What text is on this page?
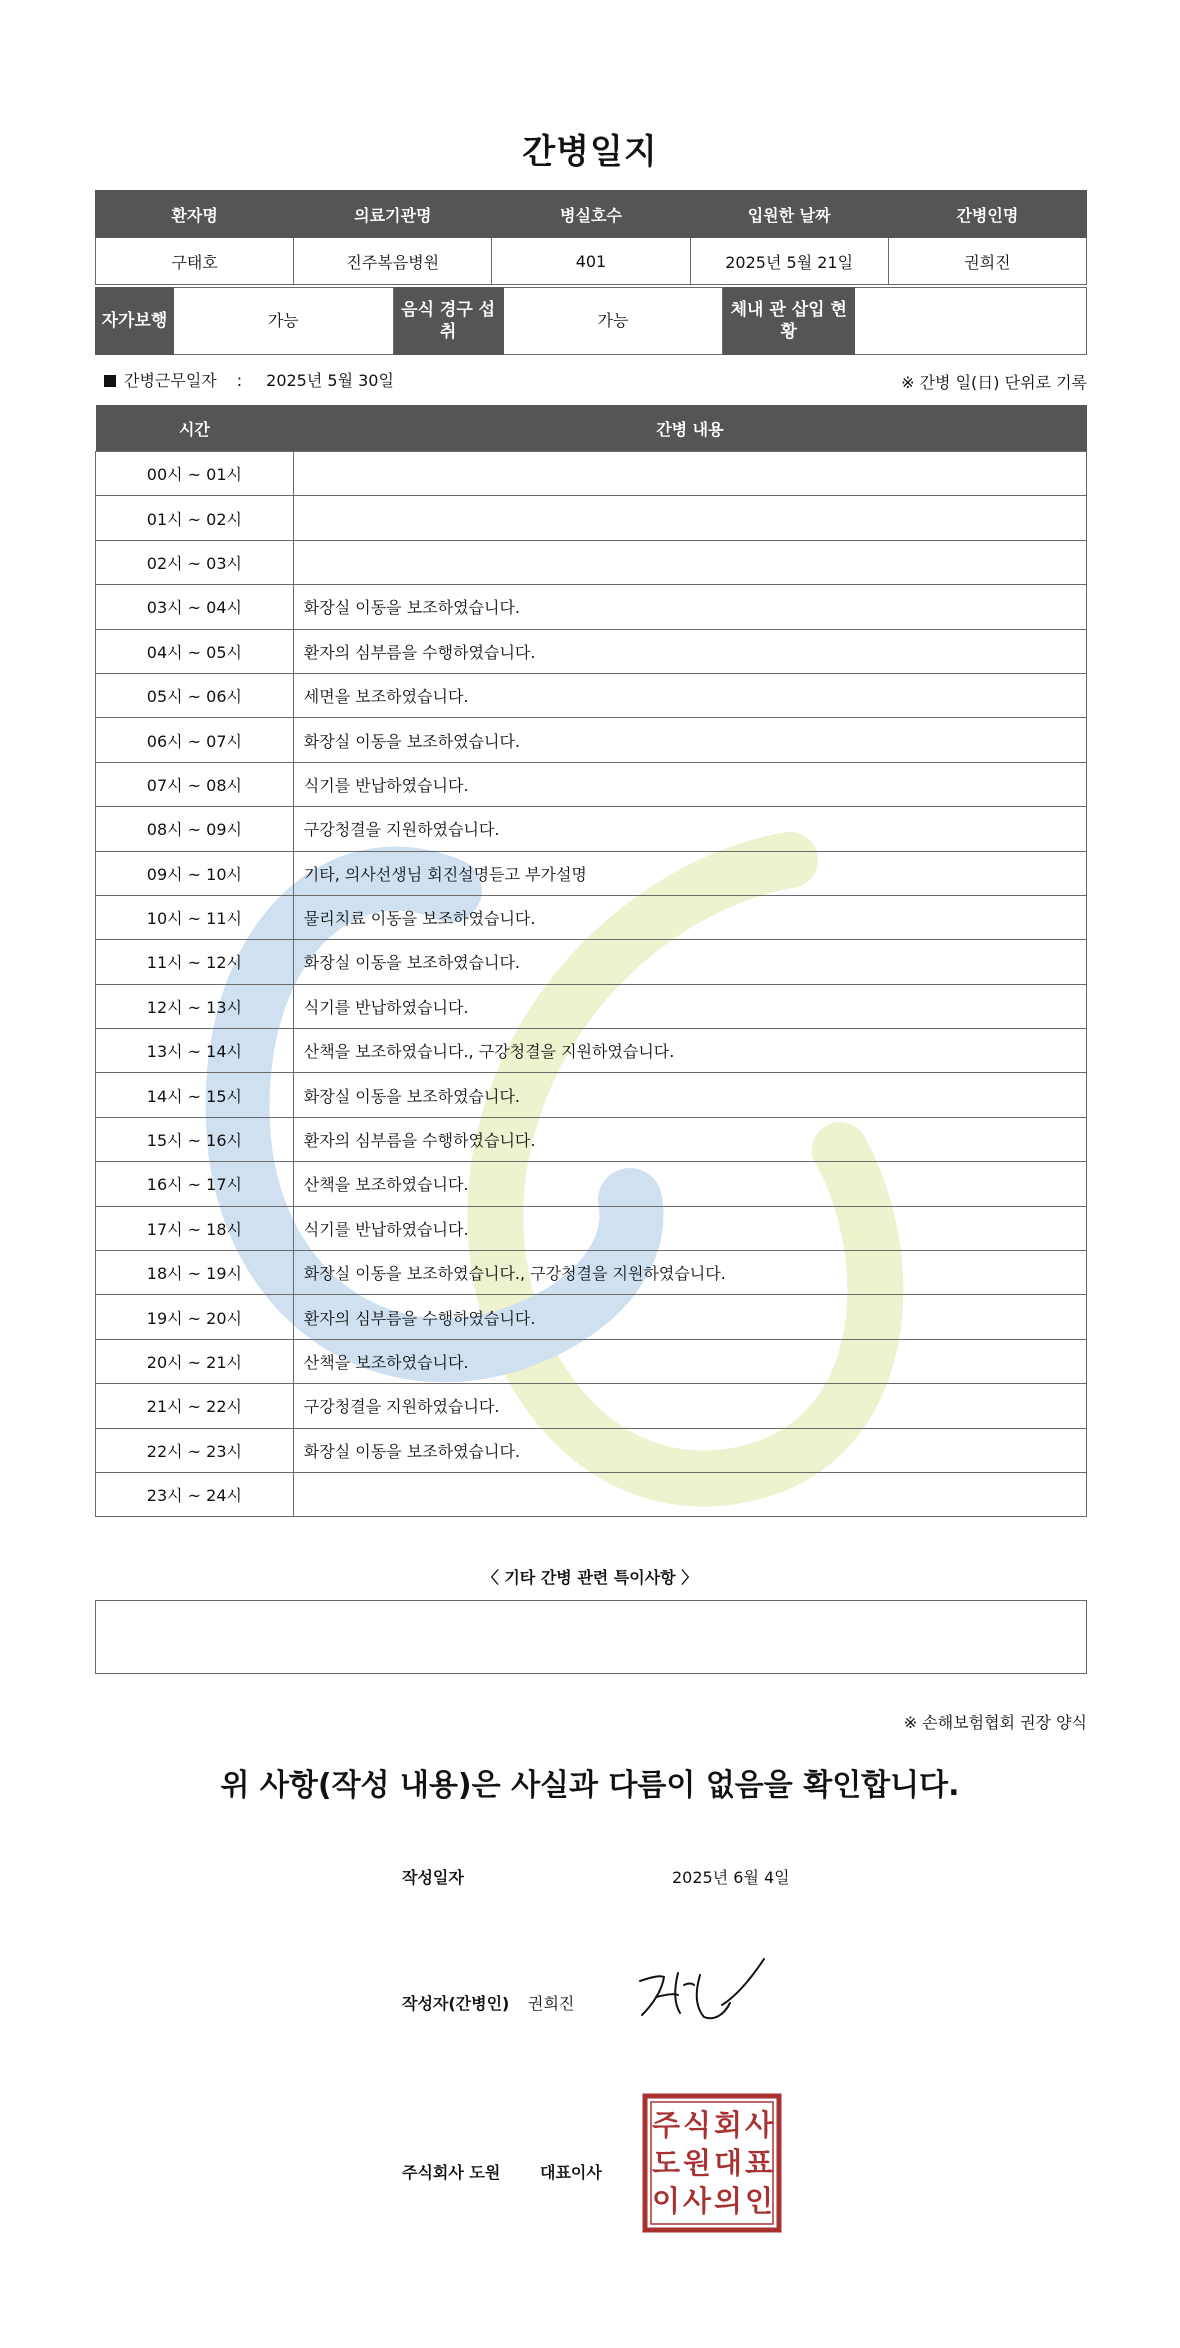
간병일지
환자명	의료기관명	병실호수	입원한 날짜	간병인명
구태호	진주복음병원	401	2025년 5월 21일	권희진
자가보행	가능	음식 경구 섭취	가능	체내 관 삽입 현황	
간병근무일자 : 2025년 5월 30일	※ 간병 일(日) 단위로 기록
시간	간병 내용
00시 ~ 01시	
01시 ~ 02시	
02시 ~ 03시	
03시 ~ 04시	화장실 이동을 보조하였습니다.
04시 ~ 05시	환자의 심부름을 수행하였습니다.
05시 ~ 06시	세면을 보조하였습니다.
06시 ~ 07시	화장실 이동을 보조하였습니다.
07시 ~ 08시	식기를 반납하였습니다.
08시 ~ 09시	구강청결을 지원하였습니다.
09시 ~ 10시	기타, 의사선생님 회진설명듣고 부가설명
10시 ~ 11시	물리치료 이동을 보조하였습니다.
11시 ~ 12시	화장실 이동을 보조하였습니다.
12시 ~ 13시	식기를 반납하였습니다.
13시 ~ 14시	산책을 보조하였습니다., 구강청결을 지원하였습니다.
14시 ~ 15시	화장실 이동을 보조하였습니다.
15시 ~ 16시	환자의 심부름을 수행하였습니다.
16시 ~ 17시	산책을 보조하였습니다.
17시 ~ 18시	식기를 반납하였습니다.
18시 ~ 19시	화장실 이동을 보조하였습니다., 구강청결을 지원하였습니다.
19시 ~ 20시	환자의 심부름을 수행하였습니다.
20시 ~ 21시	산책을 보조하였습니다.
21시 ~ 22시	구강청결을 지원하였습니다.
22시 ~ 23시	화장실 이동을 보조하였습니다.
23시 ~ 24시	
〈 기타 간병 관련 특이사항 〉
※ 손해보험협회 권장 양식
위 사항(작성 내용)은 사실과 다름이 없음을 확인합니다.
작성일자	2025년 6월 4일
작성자(간병인) 권희진
주식회사 도원 대표이사
주 식 회 사
도 원 대 표
이 사 의 인
